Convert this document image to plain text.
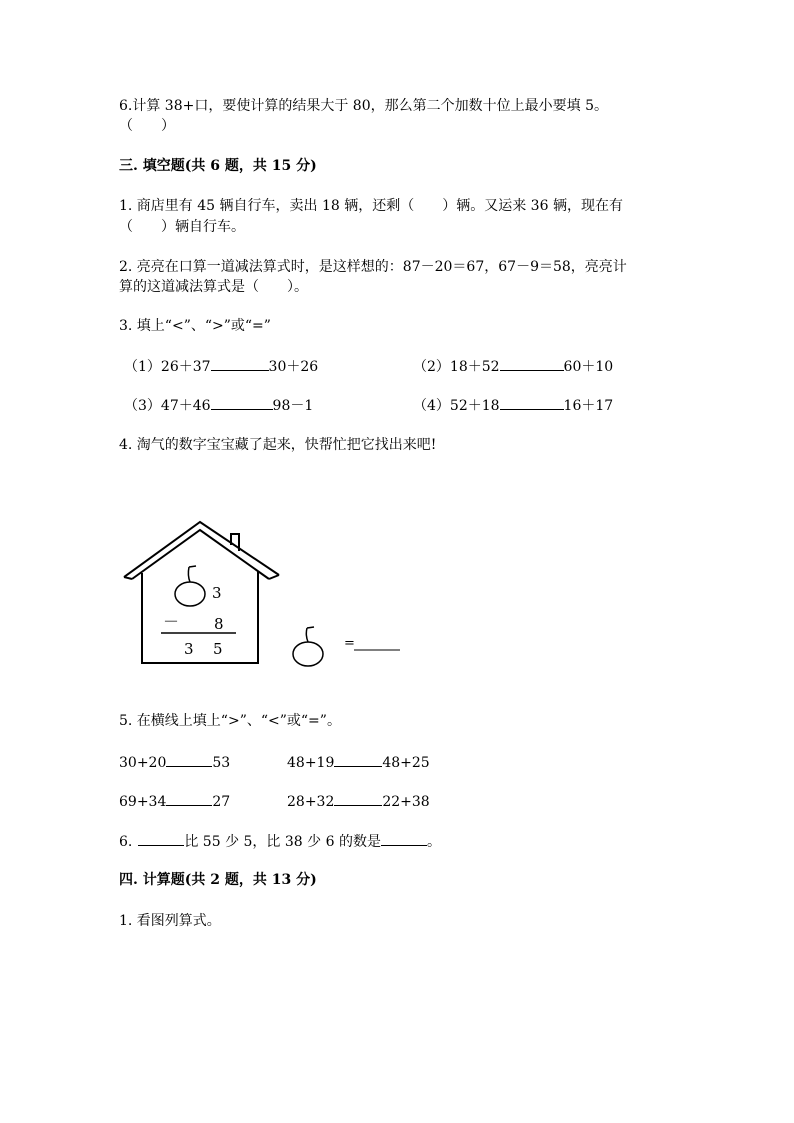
6.计算 38+口，要使计算的结果大于 80，那么第二个加数十位上最小要填 5。
（　　）
三. 填空题(共 6 题，共 15 分)
1. 商店里有 45 辆自行车，卖出 18 辆，还剩（　　）辆。又运来 36 辆，现在有
（　　）辆自行车。
2. 亮亮在口算一道减法算式时，是这样想的：87－20＝67，67－9＝58，亮亮计
算的这道减法算式是（　　）。
3. 填上“<”、“>”或“=”
（1）26＋37	30＋26	（2）18＋52	60＋10
（3）47＋46	98－1	（4）52＋18	16＋17
4. 淘气的数字宝宝藏了起来，快帮忙把它找出来吧!
3
－ 8
3 5	=
5. 在横线上填上“>”、“<”或“=”。
30+20	53	48+19	48+25
69+34	27	28+32	22+38
6.	比 55 少 5，比 38 少 6 的数是	。
四. 计算题(共 2 题，共 13 分)
1. 看图列算式。
